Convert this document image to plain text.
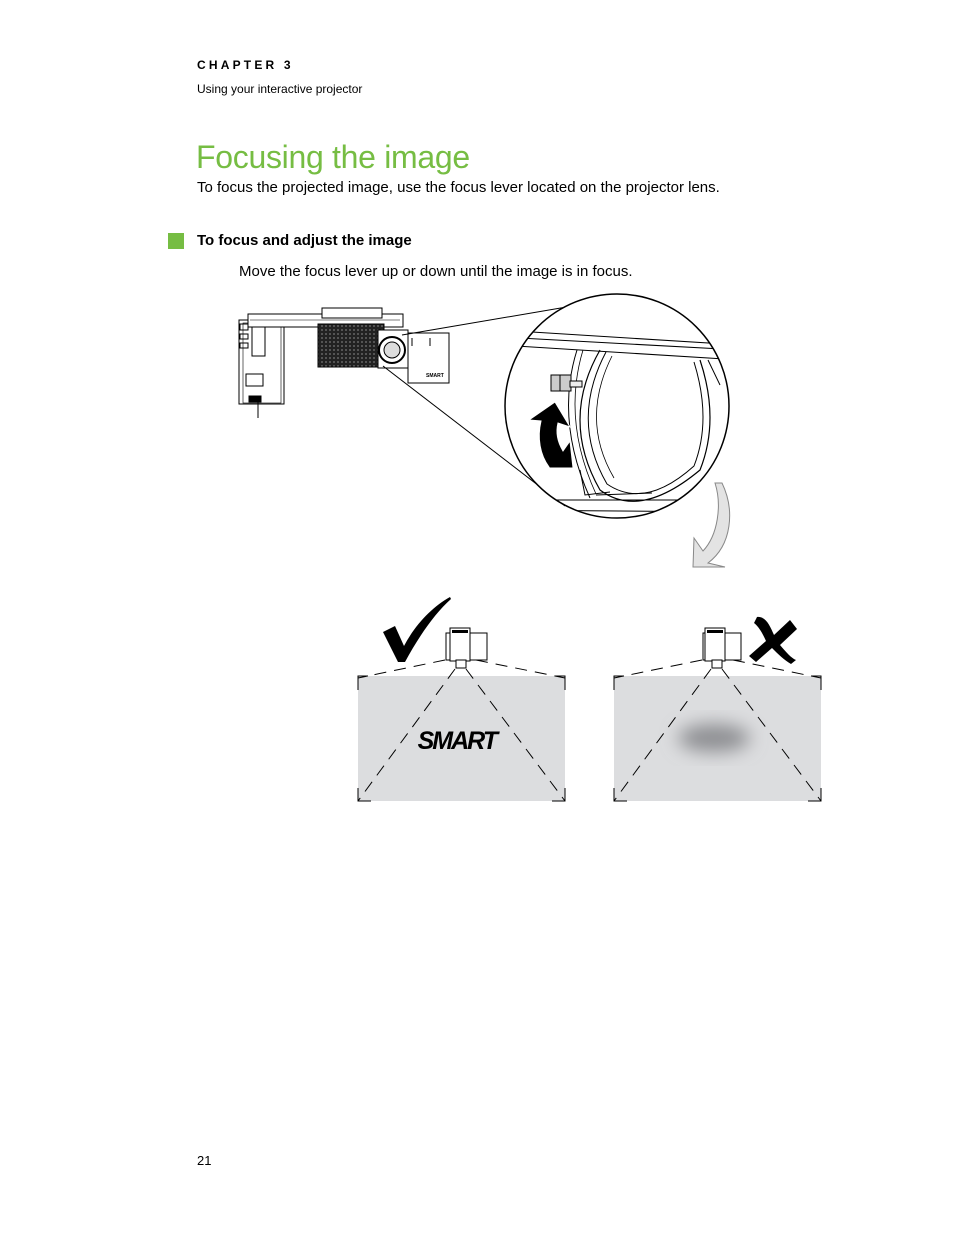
CHAPTER 3
Using your interactive projector
Focusing the image
To focus the projected image, use the focus lever located on the projector lens.
To focus and adjust the image
Move the focus lever up or down until the image is in focus.
SMART
SMART
21
